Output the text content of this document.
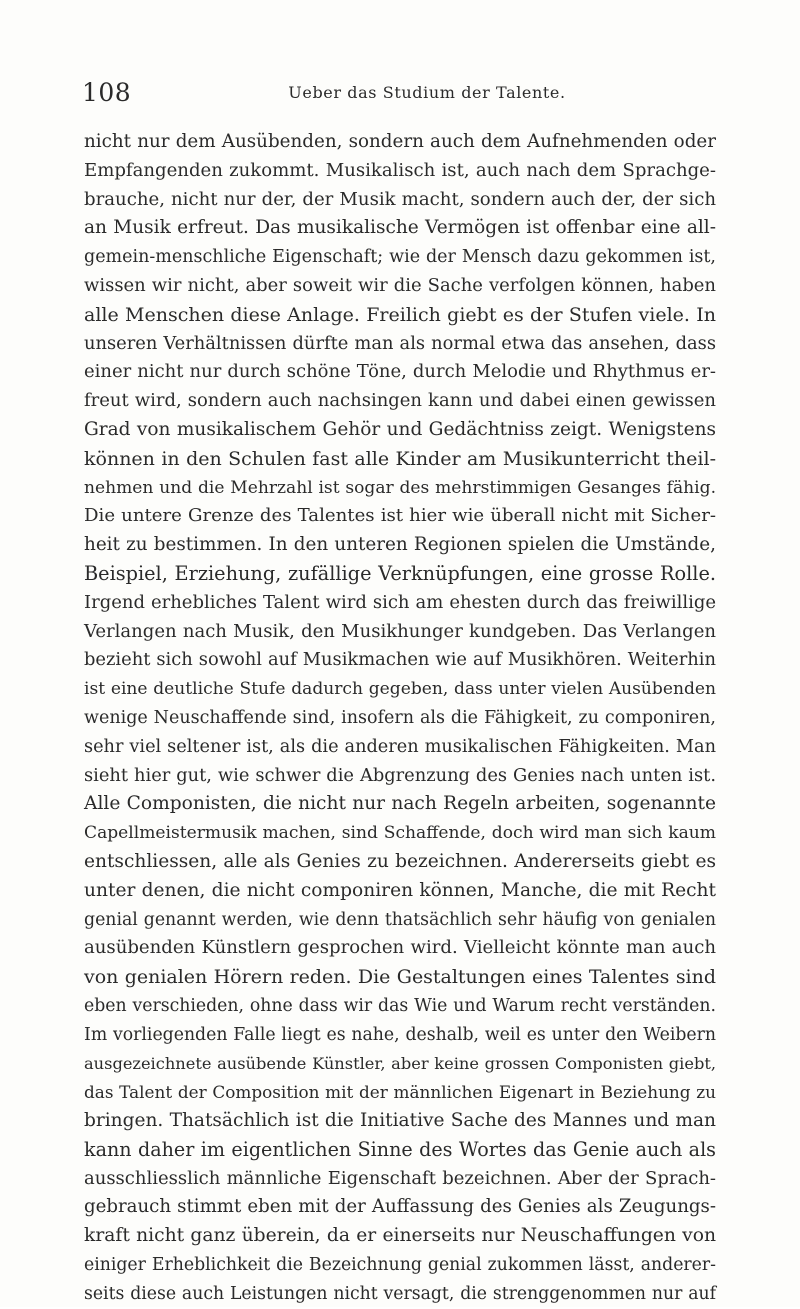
108	Ueber das Studium der Talente.
nicht nur dem Ausübenden, sondern auch dem Aufnehmenden oder
Empfangenden zukommt. Musikalisch ist, auch nach dem Sprachge-
brauche, nicht nur der, der Musik macht, sondern auch der, der sich
an Musik erfreut. Das musikalische Vermögen ist offenbar eine all-
gemein-menschliche Eigenschaft; wie der Mensch dazu gekommen ist,
wissen wir nicht, aber soweit wir die Sache verfolgen können, haben
alle Menschen diese Anlage. Freilich giebt es der Stufen viele. In
unseren Verhältnissen dürfte man als normal etwa das ansehen, dass
einer nicht nur durch schöne Töne, durch Melodie und Rhythmus er-
freut wird, sondern auch nachsingen kann und dabei einen gewissen
Grad von musikalischem Gehör und Gedächtniss zeigt. Wenigstens
können in den Schulen fast alle Kinder am Musikunterricht theil-
nehmen und die Mehrzahl ist sogar des mehrstimmigen Gesanges fähig.
Die untere Grenze des Talentes ist hier wie überall nicht mit Sicher-
heit zu bestimmen. In den unteren Regionen spielen die Umstände,
Beispiel, Erziehung, zufällige Verknüpfungen, eine grosse Rolle.
Irgend erhebliches Talent wird sich am ehesten durch das freiwillige
Verlangen nach Musik, den Musikhunger kundgeben. Das Verlangen
bezieht sich sowohl auf Musikmachen wie auf Musikhören. Weiterhin
ist eine deutliche Stufe dadurch gegeben, dass unter vielen Ausübenden
wenige Neuschaffende sind, insofern als die Fähigkeit, zu componiren,
sehr viel seltener ist, als die anderen musikalischen Fähigkeiten. Man
sieht hier gut, wie schwer die Abgrenzung des Genies nach unten ist.
Alle Componisten, die nicht nur nach Regeln arbeiten, sogenannte
Capellmeistermusik machen, sind Schaffende, doch wird man sich kaum
entschliessen, alle als Genies zu bezeichnen. Andererseits giebt es
unter denen, die nicht componiren können, Manche, die mit Recht
genial genannt werden, wie denn thatsächlich sehr häufig von genialen
ausübenden Künstlern gesprochen wird. Vielleicht könnte man auch
von genialen Hörern reden. Die Gestaltungen eines Talentes sind
eben verschieden, ohne dass wir das Wie und Warum recht verständen.
Im vorliegenden Falle liegt es nahe, deshalb, weil es unter den Weibern
ausgezeichnete ausübende Künstler, aber keine grossen Componisten giebt,
das Talent der Composition mit der männlichen Eigenart in Beziehung zu
bringen. Thatsächlich ist die Initiative Sache des Mannes und man
kann daher im eigentlichen Sinne des Wortes das Genie auch als
ausschliesslich männliche Eigenschaft bezeichnen. Aber der Sprach-
gebrauch stimmt eben mit der Auffassung des Genies als Zeugungs-
kraft nicht ganz überein, da er einerseits nur Neuschaffungen von
einiger Erheblichkeit die Bezeichnung genial zukommen lässt, anderer-
seits diese auch Leistungen nicht versagt, die strenggenommen nur auf
